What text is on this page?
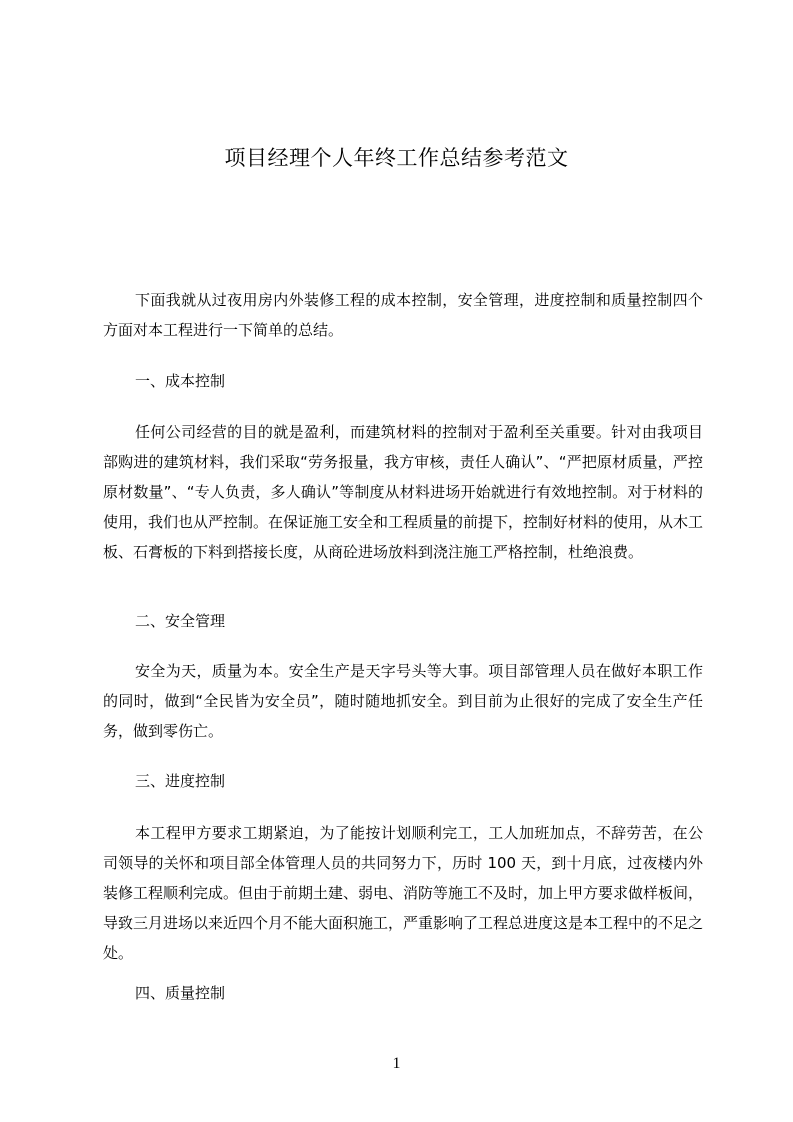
项目经理个人年终工作总结参考范文

下面我就从过夜用房内外装修工程的成本控制，安全管理，进度控制和质量控制四个方面对本工程进行一下简单的总结。

一、成本控制

任何公司经营的目的就是盈利，而建筑材料的控制对于盈利至关重要。针对由我项目部购进的建筑材料，我们采取“劳务报量，我方审核，责任人确认”、“严把原材质量，严控原材数量”、“专人负责，多人确认”等制度从材料进场开始就进行有效地控制。对于材料的使用，我们也从严控制。在保证施工安全和工程质量的前提下，控制好材料的使用，从木工板、石膏板的下料到搭接长度，从商砼进场放料到浇注施工严格控制，杜绝浪费。

二、安全管理

安全为天，质量为本。安全生产是天字号头等大事。项目部管理人员在做好本职工作的同时，做到“全民皆为安全员”，随时随地抓安全。到目前为止很好的完成了安全生产任务，做到零伤亡。

三、进度控制

本工程甲方要求工期紧迫，为了能按计划顺利完工，工人加班加点，不辞劳苦，在公司领导的关怀和项目部全体管理人员的共同努力下，历时 100 天，到十月底，过夜楼内外装修工程顺利完成。但由于前期土建、弱电、消防等施工不及时，加上甲方要求做样板间，导致三月进场以来近四个月不能大面积施工，严重影响了工程总进度这是本工程中的不足之处。

四、质量控制

1
